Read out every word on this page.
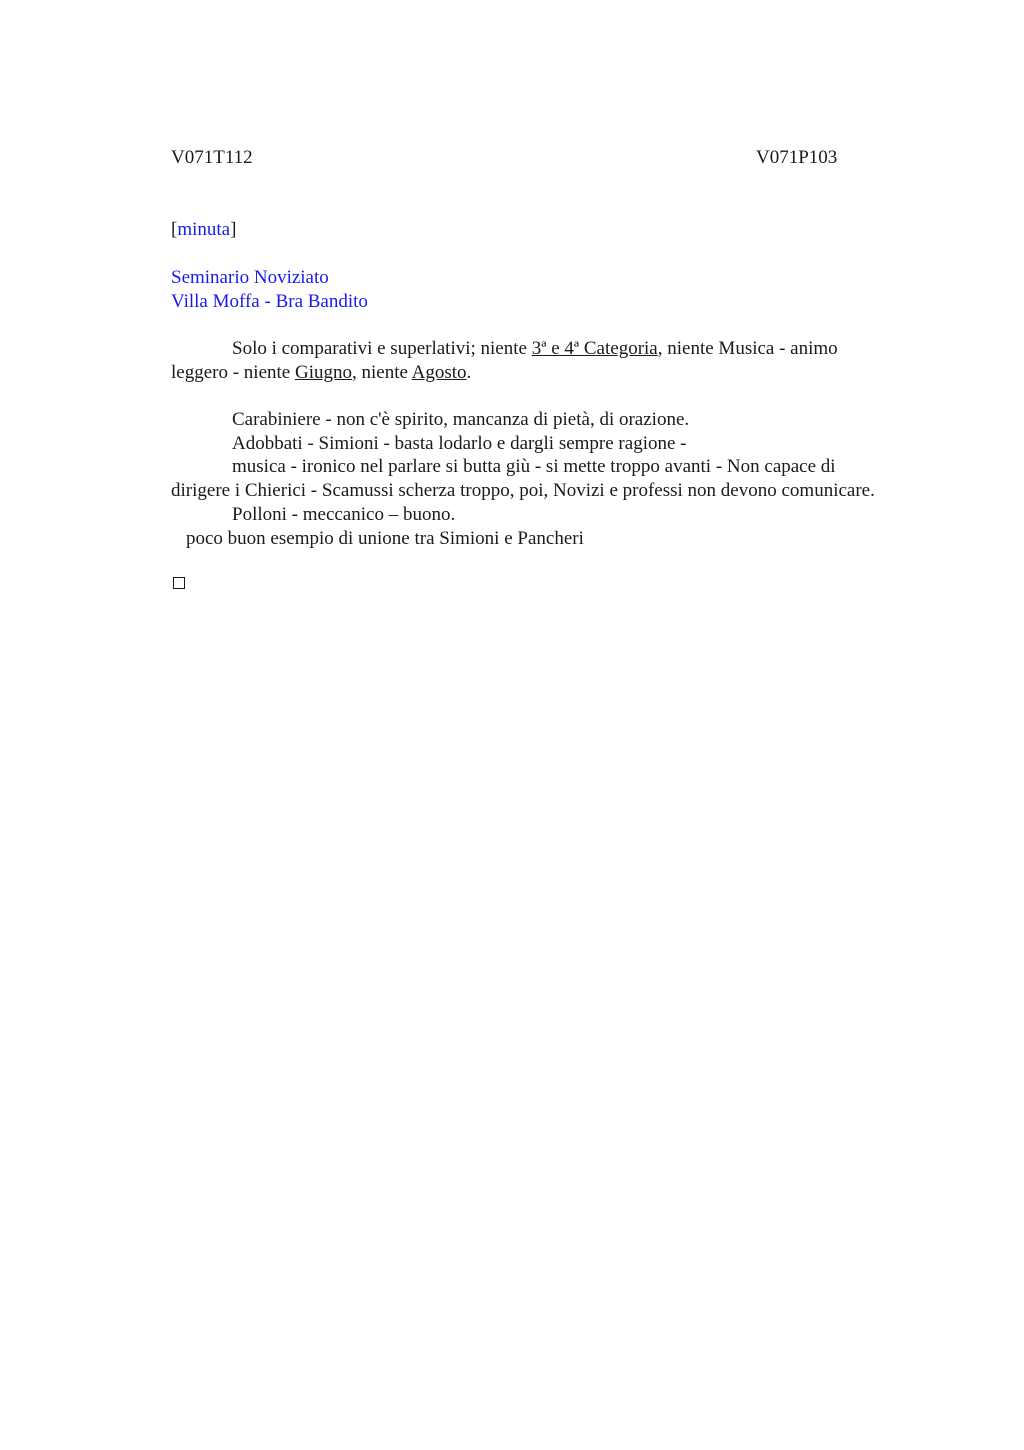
V071T112	V071P103
[minuta]
Seminario Noviziato
Villa Moffa - Bra Bandito

Solo i comparativi e superlativi; niente 3ª e 4ª Categoria, niente Musica - animo leggero - niente Giugno, niente Agosto.

Carabiniere - non c'è spirito, mancanza di pietà, di orazione.

Adobbati - Simioni - basta lodarlo e dargli sempre ragione -

musica - ironico nel parlare si butta giù - si mette troppo avanti - Non capace di dirigere i Chierici - Scamussi scherza troppo, poi, Novizi e professi non devono comunicare.

Polloni - meccanico – buono.

poco buon esempio di unione tra Simioni e Pancheri
